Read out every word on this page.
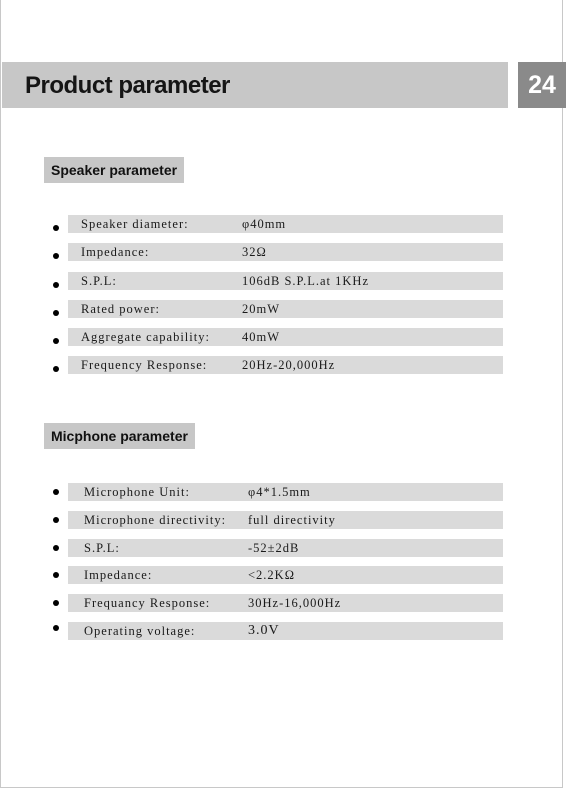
Product parameter	24
Speaker parameter
Speaker diameter:	φ40mm
Impedance:	32Ω
S.P.L:	106dB S.P.L.at 1KHz
Rated power:	20mW
Aggregate capability:	40mW
Frequency Response:	20Hz-20,000Hz
Micphone parameter
Microphone Unit:	φ4*1.5mm
Microphone directivity: full directivity
S.P.L:	-52±2dB
Impedance:	<2.2KΩ
Frequancy Response:	30Hz-16,000Hz
Operating voltage:	3.0V
